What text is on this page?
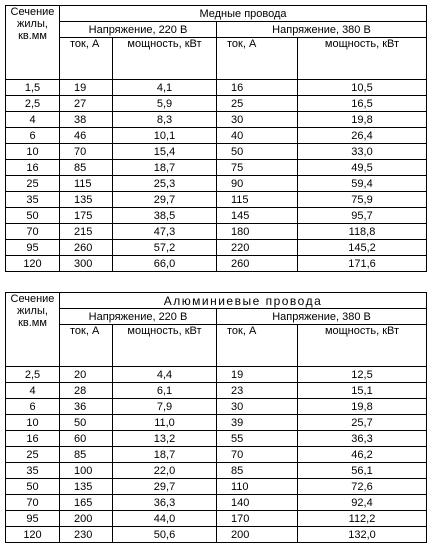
Сечение
жилы,
кв.мм	Медные провода			
	Напряжение, 220 В		Напряжение, 380 В	
	ток, А	мощность, кВт	ток, А	мощность, кВт
1,5	19	4,1	16	10,5
2,5	27	5,9	25	16,5
4	38	8,3	30	19,8
6	46	10,1	40	26,4
10	70	15,4	50	33,0
16	85	18,7	75	49,5
25	115	25,3	90	59,4
35	135	29,7	115	75,9
50	175	38,5	145	95,7
70	215	47,3	180	118,8
95	260	57,2	220	145,2
120	300	66,0	260	171,6
Сечение
жилы,
кв.мм	Алюминиевые провода			
	Напряжение, 220 В		Напряжение, 380 В	
	ток, А	мощность, кВт	ток, А	мощность, кВт
2,5	20	4,4	19	12,5
4	28	6,1	23	15,1
6	36	7,9	30	19,8
10	50	11,0	39	25,7
16	60	13,2	55	36,3
25	85	18,7	70	46,2
35	100	22,0	85	56,1
50	135	29,7	110	72,6
70	165	36,3	140	92,4
95	200	44,0	170	112,2
120	230	50,6	200	132,0
